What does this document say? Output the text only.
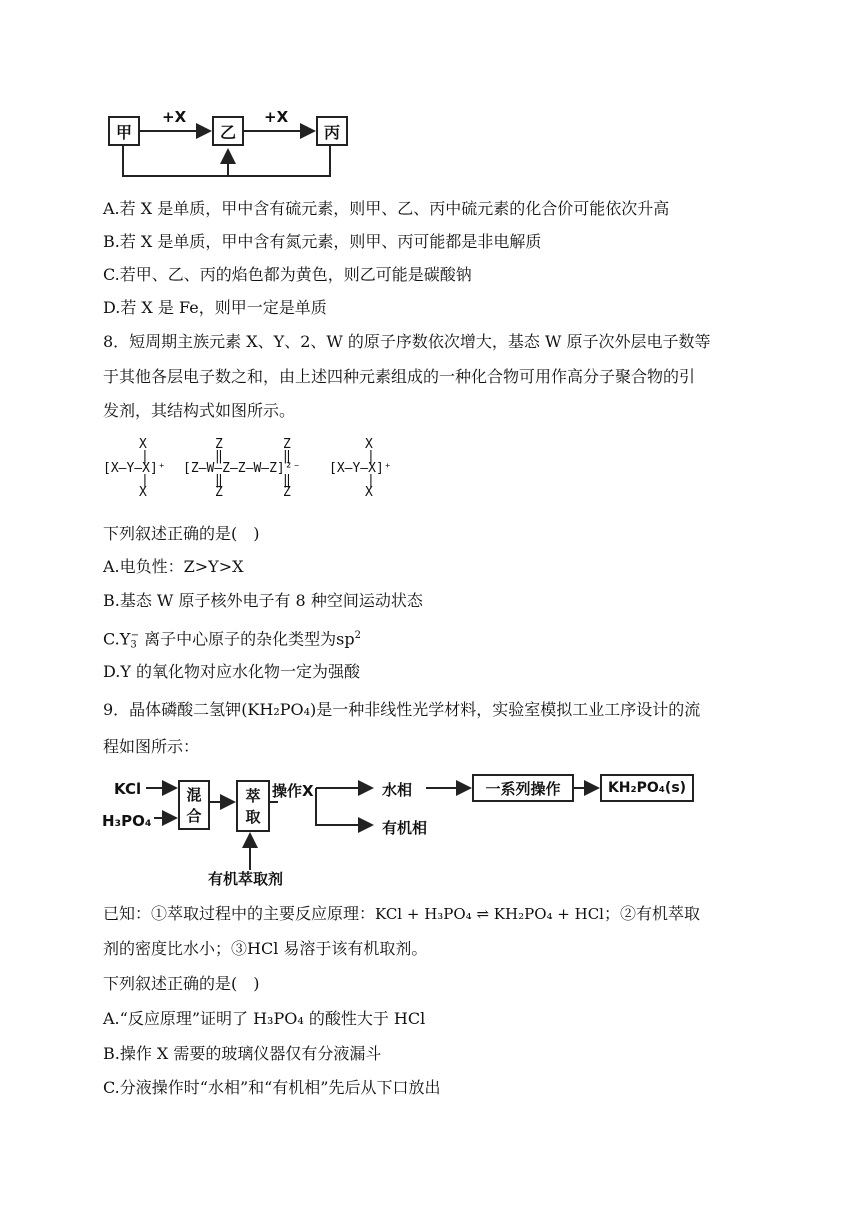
甲	乙	丙
+X	+X
A.若 X 是单质，甲中含有硫元素，则甲、乙、丙中硫元素的化合价可能依次升高
B.若 X 是单质，甲中含有氮元素，则甲、丙可能都是非电解质
C.若甲、乙、丙的焰色都为黄色，则乙可能是碳酸钠
D.若 X 是 Fe，则甲一定是单质
8．短周期主族元素 X、Y、2、W 的原子序数依次增大，基态 W 原子次外层电子数等
于其他各层电子数之和，由上述四种元素组成的一种化合物可用作高分子聚合物的引
发剂，其结构式如图所示。
X
|
[X—Y—X]⁺
|
X
Z
‖
[Z—W—Z—Z—W—Z]²⁻
‖
Z
Z
‖
‖
Z
X
|
[X—Y—X]⁺
|
X
下列叙述正确的是(　)
A.电负性：Z>Y>X
B.基态 W 原子核外电子有 8 种空间运动状态
$C.Y_3^-$ 离子中心原子的杂化类型为$sp^2$
D.Y 的氧化物对应水化物一定为强酸
9．晶体磷酸二氢钾(KH₂PO₄)是一种非线性光学材料，实验室模拟工业工序设计的流
程如图所示：
KCl
H₃PO₄
混
合
萃
取
操作X	水相
有机相
一系列操作	KH₂PO₄(s)
有机萃取剂
已知：①萃取过程中的主要反应原理：KCl + H₃PO₄ ⇌ KH₂PO₄ + HCl；②有机萃取
剂的密度比水小；③HCl 易溶于该有机取剂。
下列叙述正确的是(　)
A.“反应原理”证明了 H₃PO₄ 的酸性大于 HCl
B.操作 X 需要的玻璃仪器仅有分液漏斗
C.分液操作时“水相”和“有机相”先后从下口放出
